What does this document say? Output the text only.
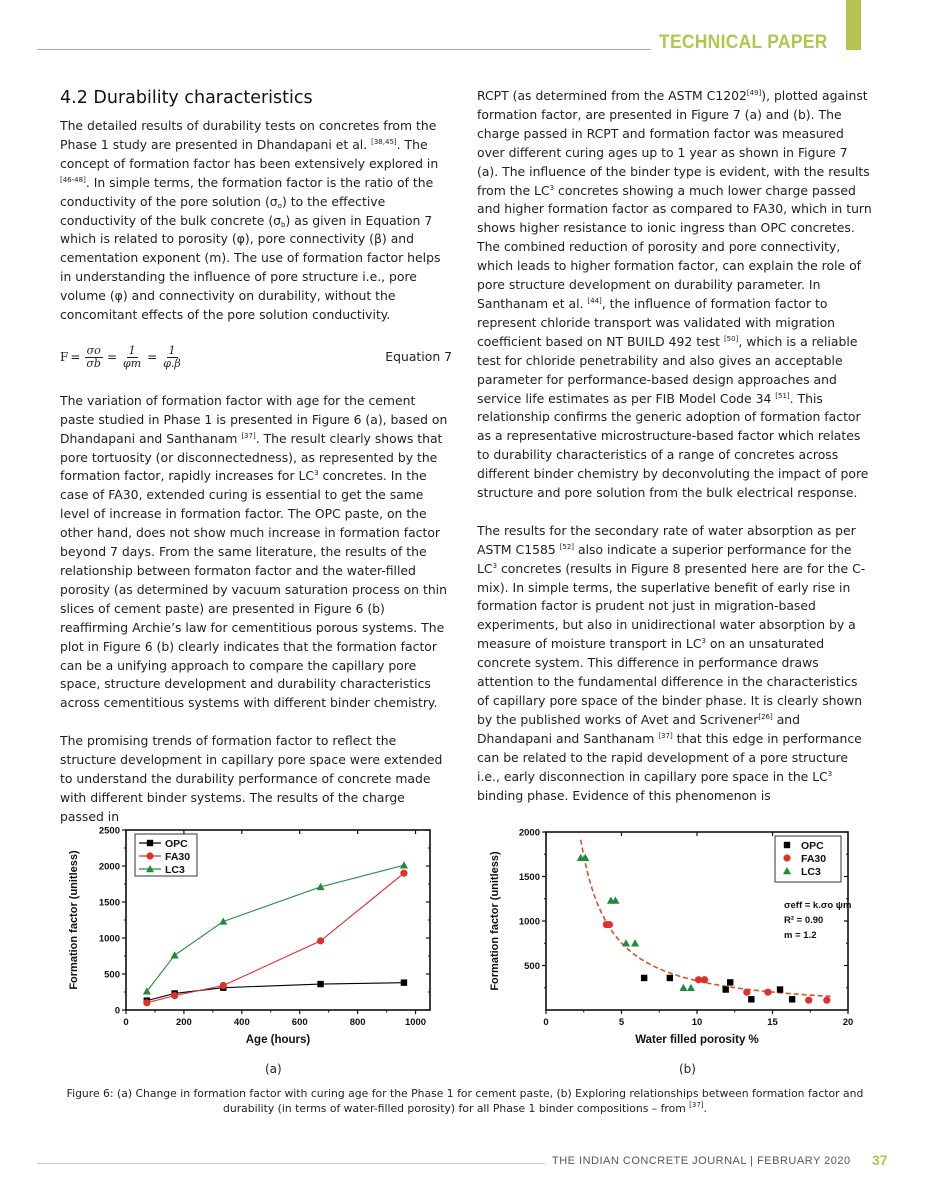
TECHNICAL PAPER
4.2 Durability characteristics

The detailed results of durability tests on concretes from the Phase 1 study are presented in Dhandapani et al. [38,45]. The concept of formation factor has been extensively explored in
[46-48]. In simple terms, the formation factor is the ratio of the conductivity of the pore solution $(\sigma_o)$ to the effective conductivity of the bulk concrete $(\sigma_b)$ as given in Equation 7 which is related to porosity (φ), pore connectivity (β) and cementation exponent (m). The use of formation factor helps in understanding the influence of pore structure i.e., pore volume (φ) and connectivity on durability, without the concomitant effects of the pore solution conductivity.

$F = \frac{\sigma o}{\sigma b} = \frac{1}{\varphi m} = \frac{1}{\varphi.\beta}$	Equation 7

The variation of formation factor with age for the cement paste studied in Phase 1 is presented in Figure 6 (a), based on Dhandapani and Santhanam [37]. The result clearly shows that pore tortuosity (or disconnectedness), as represented by the formation factor, rapidly increases for $LC^3$ concretes. In the case of FA30, extended curing is essential to get the same level of increase in formation factor. The OPC paste, on the other hand, does not show much increase in formation factor beyond 7 days. From the same literature, the results of the relationship between formaton factor and the water-filled porosity (as determined by vacuum saturation process on thin slices of cement paste) are presented in Figure 6 (b) reaffirming Archie’s law for cementitious porous systems. The plot in Figure 6 (b) clearly indicates that the formation factor can be a unifying approach to compare the capillary pore space, structure development and durability characteristics across cementitious systems with different binder chemistry.

The promising trends of formation factor to reflect the structure development in capillary pore space were extended to understand the durability performance of concrete made with different binder systems. The results of the charge passed in

RCPT (as determined from the ASTM C1202[49]), plotted against formation factor, are presented in Figure 7 (a) and (b). The charge passed in RCPT and formation factor was measured over different curing ages up to 1 year as shown in Figure 7 (a). The influence of the binder type is evident, with the results from the $LC^3$ concretes showing a much lower charge passed and higher formation factor as compared to FA30, which in turn shows higher resistance to ionic ingress than OPC concretes. The combined reduction of porosity and pore connectivity, which leads to higher formation factor, can explain the role of pore structure development on durability parameter. In Santhanam et al. [44], the influence of formation factor to represent chloride transport was validated with migration coefficient based on NT BUILD 492 test [50], which is a reliable test for chloride penetrability and also gives an acceptable parameter for performance-based design approaches and service life estimates as per FIB Model Code 34 [51]. This relationship confirms the generic adoption of formation factor as a representative microstructure-based factor which relates to durability characteristics of a range of concretes across different binder chemistry by deconvoluting the impact of pore structure and pore solution from the bulk electrical response.

The results for the secondary rate of water absorption as per ASTM C1585 [52] also indicate a superior performance for the $LC^3$ concretes (results in Figure 8 presented here are for the C-mix). In simple terms, the superlative benefit of early rise in formation factor is prudent not just in migration-based experiments, but also in unidirectional water absorption by a measure of moisture transport in $LC^3$ on an unsaturated concrete system. This difference in performance draws attention to the fundamental difference in the characteristics of capillary pore space of the binder phase. It is clearly shown by the published works of Avet and Scrivener[26] and Dhandapani and Santhanam [37] that this edge in performance can be related to the rapid development of a pore structure i.e., early disconnection in capillary pore space in the $LC^3$ binding phase. Evidence of this phenomenon is

0
500
1000
1500
2000
2500
0	200	400	600	800	1000
Age (hours)
Formation factor (unitless)
OPC
FA30
LC3
500
1000
1500
2000
0	5	10	15	20
Water filled porosity %
Formation factor (unitless)
OPC
FA30
LC3
σeff = k.σo ψm
R² = 0.90
m = 1.2
(a)	(b)
Figure 6: (a) Change in formation factor with curing age for the Phase 1 for cement paste, (b) Exploring relationships between formation factor and durability (in terms of water-filled porosity) for all Phase 1 binder compositions – from [37].
THE INDIAN CONCRETE JOURNAL | FEBRUARY 2020 37
